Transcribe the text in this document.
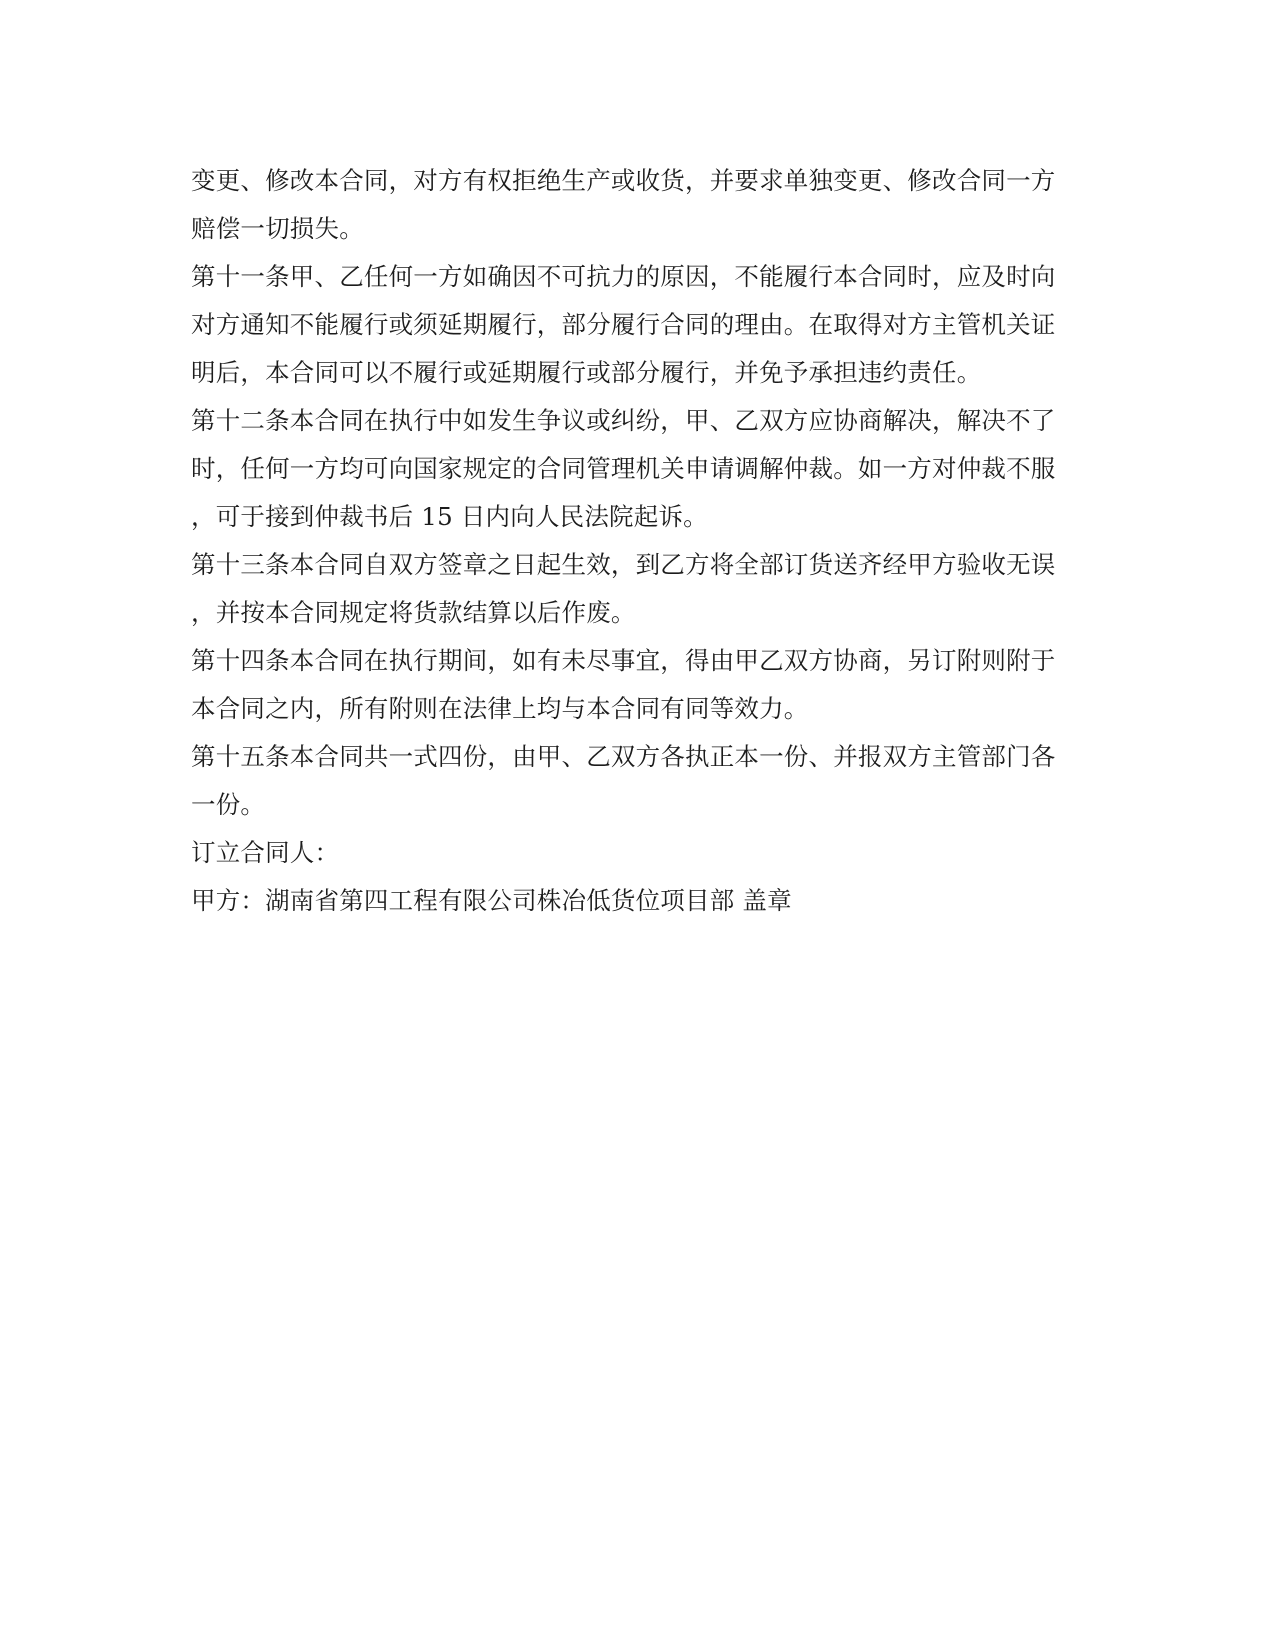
变更、修改本合同，对方有权拒绝生产或收货，并要求单独变更、修改合同一方
赔偿一切损失。
第十一条甲、乙任何一方如确因不可抗力的原因，不能履行本合同时，应及时向
对方通知不能履行或须延期履行，部分履行合同的理由。在取得对方主管机关证
明后，本合同可以不履行或延期履行或部分履行，并免予承担违约责任。
第十二条本合同在执行中如发生争议或纠纷，甲、乙双方应协商解决，解决不了
时，任何一方均可向国家规定的合同管理机关申请调解仲裁。如一方对仲裁不服
，可于接到仲裁书后 15 日内向人民法院起诉。
第十三条本合同自双方签章之日起生效，到乙方将全部订货送齐经甲方验收无误
，并按本合同规定将货款结算以后作废。
第十四条本合同在执行期间，如有未尽事宜，得由甲乙双方协商，另订附则附于
本合同之内，所有附则在法律上均与本合同有同等效力。
第十五条本合同共一式四份，由甲、乙双方各执正本一份、并报双方主管部门各
一份。
订立合同人：
甲方：湖南省第四工程有限公司株冶低货位项目部 盖章
